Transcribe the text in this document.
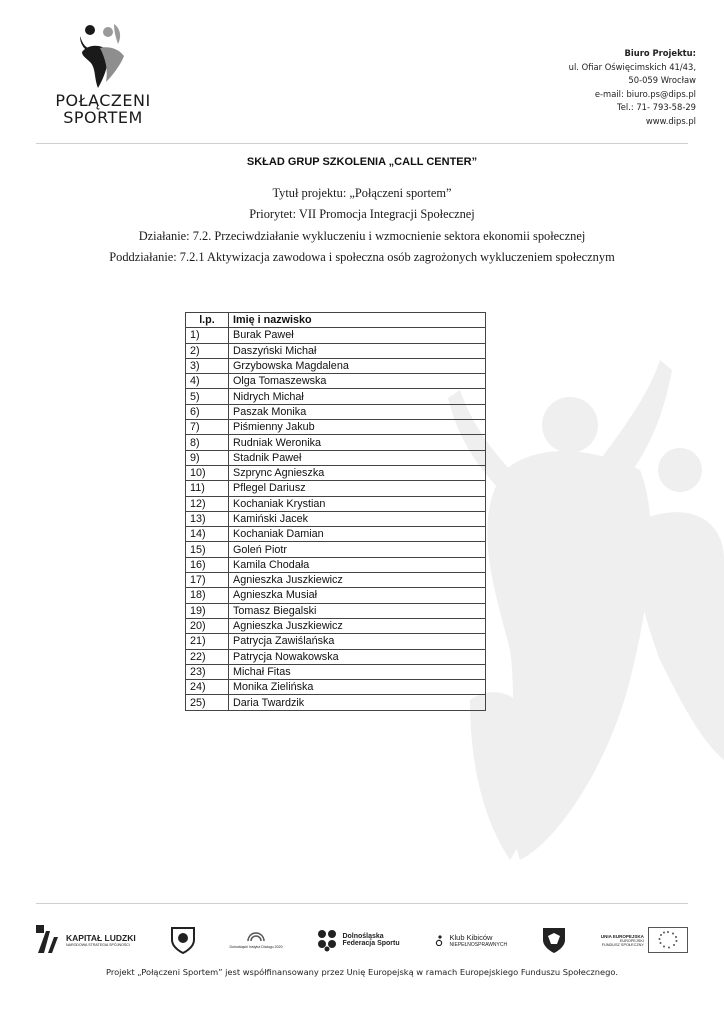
POŁĄCZENI
SPORTEM
Biuro Projektu:
ul. Ofiar Oświęcimskich 41/43,
50-059 Wrocław
e-mail: biuro.ps@dips.pl
Tel.: 71- 793-58-29
www.dips.pl
SKŁAD GRUP SZKOLENIA „CALL CENTER”
Tytuł projektu: „Połączeni sportem”
Priorytet: VII Promocja Integracji Społecznej
Działanie: 7.2. Przeciwdziałanie wykluczeniu i wzmocnienie sektora ekonomii społecznej
Poddziałanie: 7.2.1 Aktywizacja zawodowa i społeczna osób zagrożonych wykluczeniem społecznym
l.p.	Imię i nazwisko
1)	Burak Paweł
2)	Daszyński Michał
3)	Grzybowska Magdalena
4)	Olga Tomaszewska
5)	Nidrych Michał
6)	Paszak Monika
7)	Piśmienny Jakub
8)	Rudniak Weronika
9)	Stadnik Paweł
10)	Szprync Agnieszka
11)	Pflegel Dariusz
12)	Kochaniak Krystian
13)	Kamiński Jacek
14)	Kochaniak Damian
15)	Goleń Piotr
16)	Kamila Chodała
17)	Agnieszka Juszkiewicz
18)	Agnieszka Musiał
19)	Tomasz Biegalski
20)	Agnieszka Juszkiewicz
21)	Patrycja Zawiślańska
22)	Patrycja Nowakowska
23)	Michał Fitas
24)	Monika Zielińska
25)	Daria Twardzik
KAPITAŁ LUDZKI
NARODOWA STRATEGIA SPÓJNOŚCI	Dolnośląski Instytut Dialogu 2020
Dolnośląska
Federacja Sportu
Klub Kibiców
NIEPEŁNOSPRAWNYCH
UNIA EUROPEJSKA
EUROPEJSKI
FUNDUSZ SPOŁECZNY
Projekt „Połączeni Sportem” jest współfinansowany przez Unię Europejską w ramach Europejskiego Funduszu Społecznego.
